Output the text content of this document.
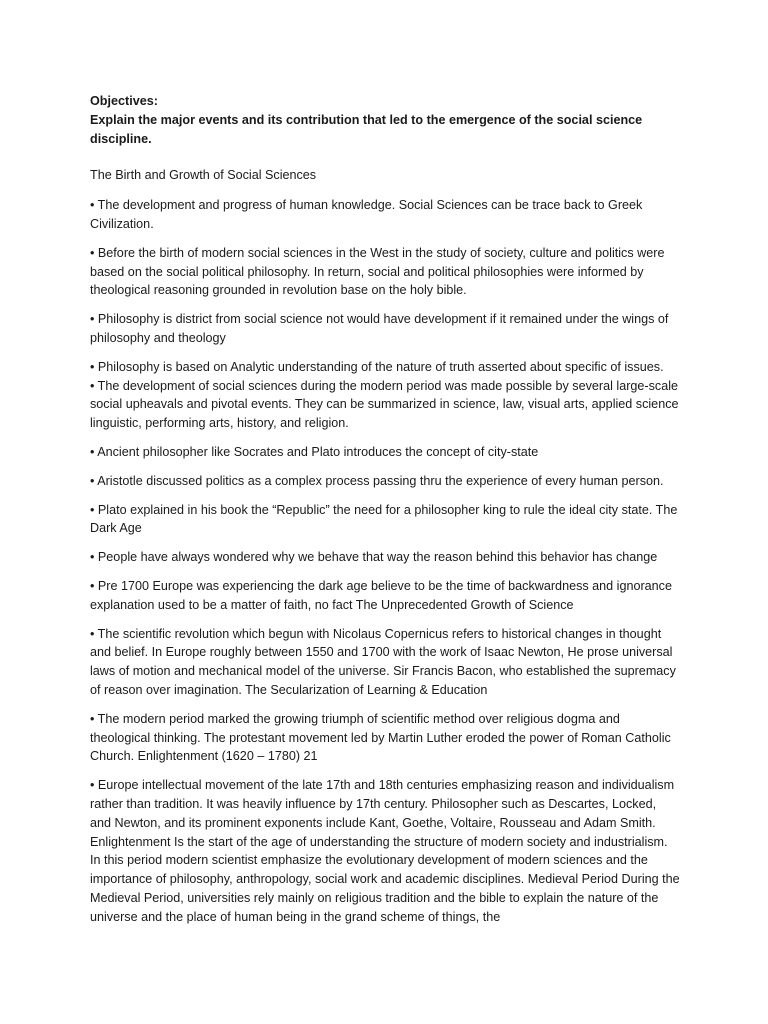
Objectives:

Explain the major events and its contribution that led to the emergence of the social science discipline.

The Birth and Growth of Social Sciences

• The development and progress of human knowledge. Social Sciences can be trace back to Greek Civilization.

• Before the birth of modern social sciences in the West in the study of society, culture and politics were based on the social political philosophy. In return, social and political philosophies were informed by theological reasoning grounded in revolution base on the holy bible.

• Philosophy is district from social science not would have development if it remained under the wings of philosophy and theology

• Philosophy is based on Analytic understanding of the nature of truth asserted about specific of issues.

• The development of social sciences during the modern period was made possible by several large-scale social upheavals and pivotal events. They can be summarized in science, law, visual arts, applied science linguistic, performing arts, history, and religion.

• Ancient philosopher like Socrates and Plato introduces the concept of city-state

• Aristotle discussed politics as a complex process passing thru the experience of every human person.

• Plato explained in his book the “Republic” the need for a philosopher king to rule the ideal city state. The Dark Age

• People have always wondered why we behave that way the reason behind this behavior has change

• Pre 1700 Europe was experiencing the dark age believe to be the time of backwardness and ignorance explanation used to be a matter of faith, no fact The Unprecedented Growth of Science

• The scientific revolution which begun with Nicolaus Copernicus refers to historical changes in thought and belief. In Europe roughly between 1550 and 1700 with the work of Isaac Newton, He prose universal laws of motion and mechanical model of the universe. Sir Francis Bacon, who established the supremacy of reason over imagination. The Secularization of Learning & Education

• The modern period marked the growing triumph of scientific method over religious dogma and theological thinking. The protestant movement led by Martin Luther eroded the power of Roman Catholic Church. Enlightenment (1620 – 1780) 21

• Europe intellectual movement of the late 17th and 18th centuries emphasizing reason and individualism rather than tradition. It was heavily influence by 17th century. Philosopher such as Descartes, Locked, and Newton, and its prominent exponents include Kant, Goethe, Voltaire, Rousseau and Adam Smith. Enlightenment Is the start of the age of understanding the structure of modern society and industrialism. In this period modern scientist emphasize the evolutionary development of modern sciences and the importance of philosophy, anthropology, social work and academic disciplines. Medieval Period During the Medieval Period, universities rely mainly on religious tradition and the bible to explain the nature of the universe and the place of human being in the grand scheme of things, the
